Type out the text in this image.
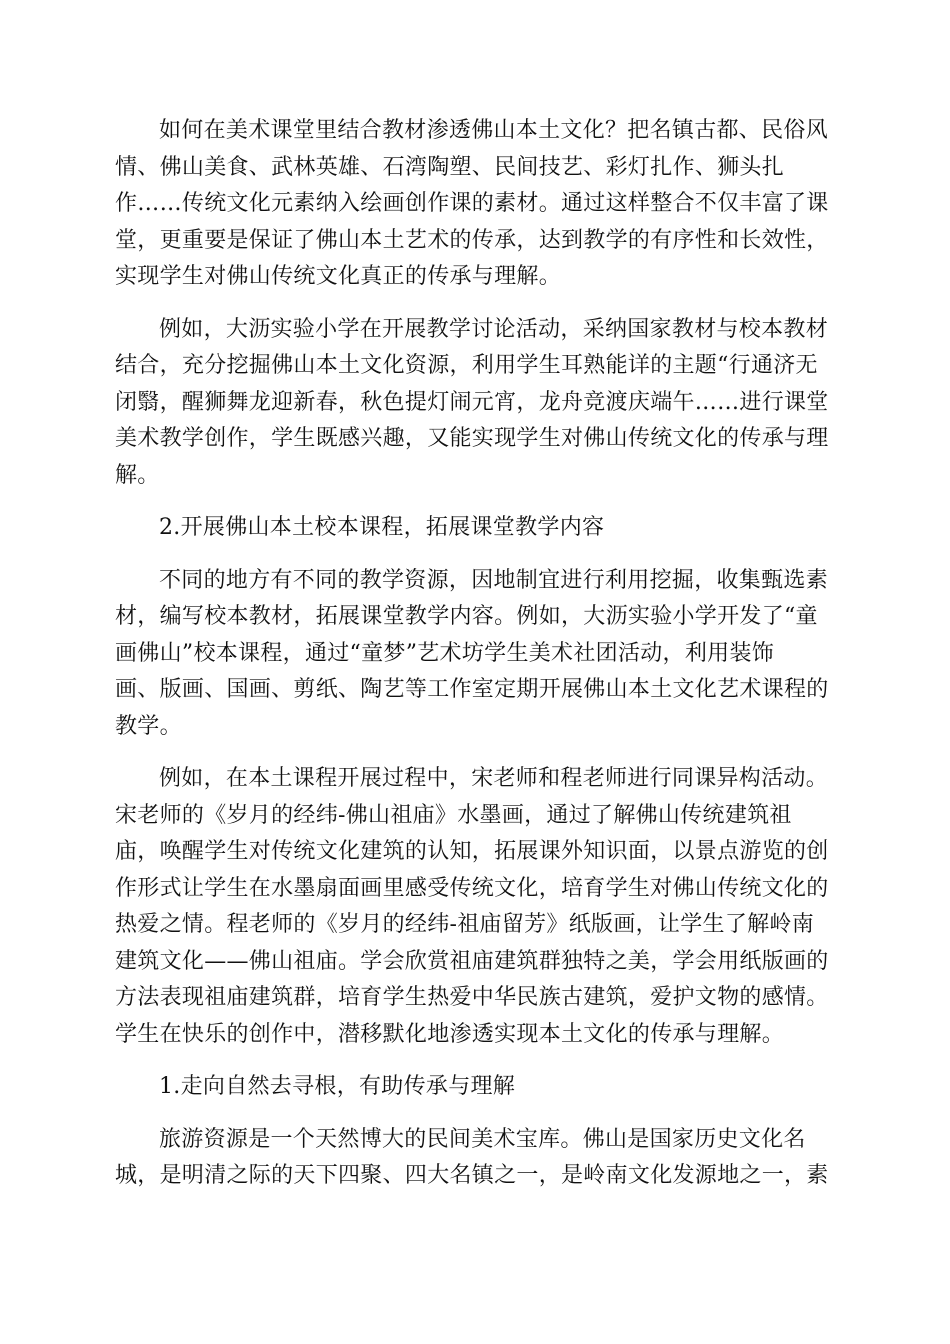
如何在美术课堂里结合教材渗透佛山本土文化？把名镇古都、民俗风
情、佛山美食、武林英雄、石湾陶塑、民间技艺、彩灯扎作、狮头扎
作……传统文化元素纳入绘画创作课的素材。通过这样整合不仅丰富了课
堂，更重要是保证了佛山本土艺术的传承，达到教学的有序性和长效性，
实现学生对佛山传统文化真正的传承与理解。
例如，大沥实验小学在开展教学讨论活动，采纳国家教材与校本教材
结合，充分挖掘佛山本土文化资源，利用学生耳熟能详的主题“行通济无
闭翳，醒狮舞龙迎新春，秋色提灯闹元宵，龙舟竞渡庆端午……进行课堂
美术教学创作，学生既感兴趣，又能实现学生对佛山传统文化的传承与理
解。
2.开展佛山本土校本课程，拓展课堂教学内容
不同的地方有不同的教学资源，因地制宜进行利用挖掘，收集甄选素
材，编写校本教材，拓展课堂教学内容。例如，大沥实验小学开发了“童
画佛山”校本课程，通过“童梦”艺术坊学生美术社团活动，利用装饰
画、版画、国画、剪纸、陶艺等工作室定期开展佛山本土文化艺术课程的
教学。
例如，在本土课程开展过程中，宋老师和程老师进行同课异构活动。
宋老师的《岁月的经纬-佛山祖庙》水墨画，通过了解佛山传统建筑祖
庙，唤醒学生对传统文化建筑的认知，拓展课外知识面，以景点游览的创
作形式让学生在水墨扇面画里感受传统文化，培育学生对佛山传统文化的
热爱之情。程老师的《岁月的经纬-祖庙留芳》纸版画，让学生了解岭南
建筑文化——佛山祖庙。学会欣赏祖庙建筑群独特之美，学会用纸版画的
方法表现祖庙建筑群，培育学生热爱中华民族古建筑，爱护文物的感情。
学生在快乐的创作中，潜移默化地渗透实现本土文化的传承与理解。
1.走向自然去寻根，有助传承与理解
旅游资源是一个天然博大的民间美术宝库。佛山是国家历史文化名
城，是明清之际的天下四聚、四大名镇之一，是岭南文化发源地之一，素
